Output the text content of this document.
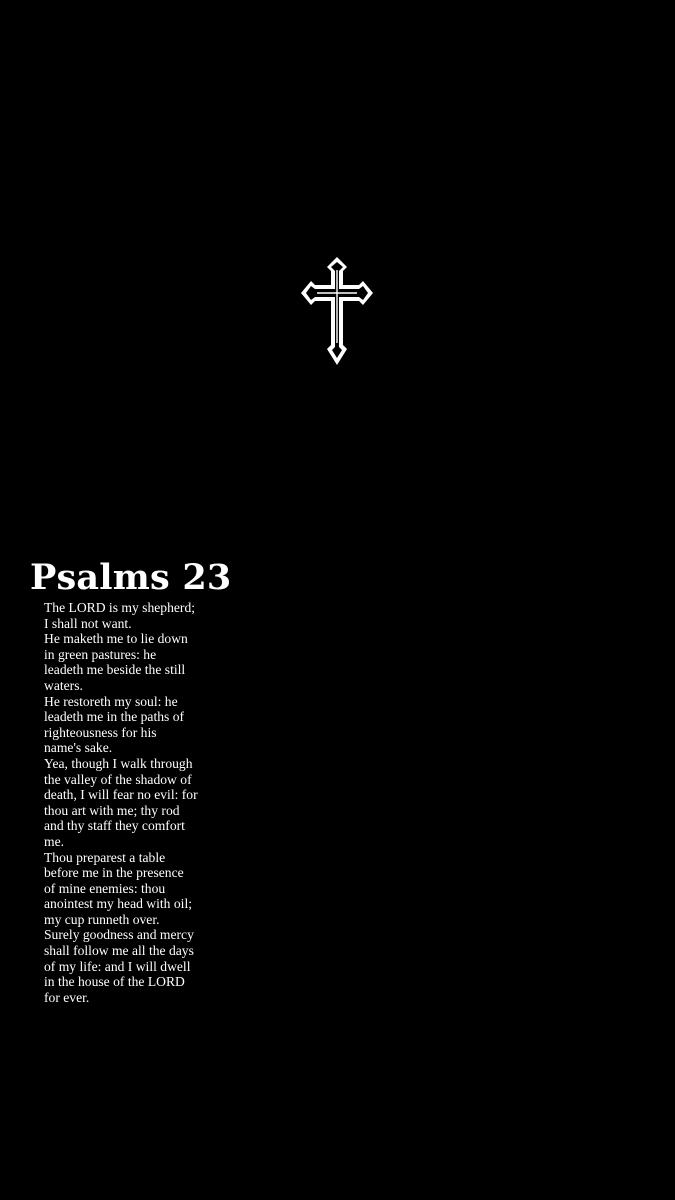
Psalms 23
The LORD is my shepherd;
I shall not want.
He maketh me to lie down
in green pastures: he
leadeth me beside the still
waters.
He restoreth my soul: he
leadeth me in the paths of
righteousness for his
name's sake.
Yea, though I walk through
the valley of the shadow of
death, I will fear no evil: for
thou art with me; thy rod
and thy staff they comfort
me.
Thou preparest a table
before me in the presence
of mine enemies: thou
anointest my head with oil;
my cup runneth over.
Surely goodness and mercy
shall follow me all the days
of my life: and I will dwell
in the house of the LORD
for ever.
